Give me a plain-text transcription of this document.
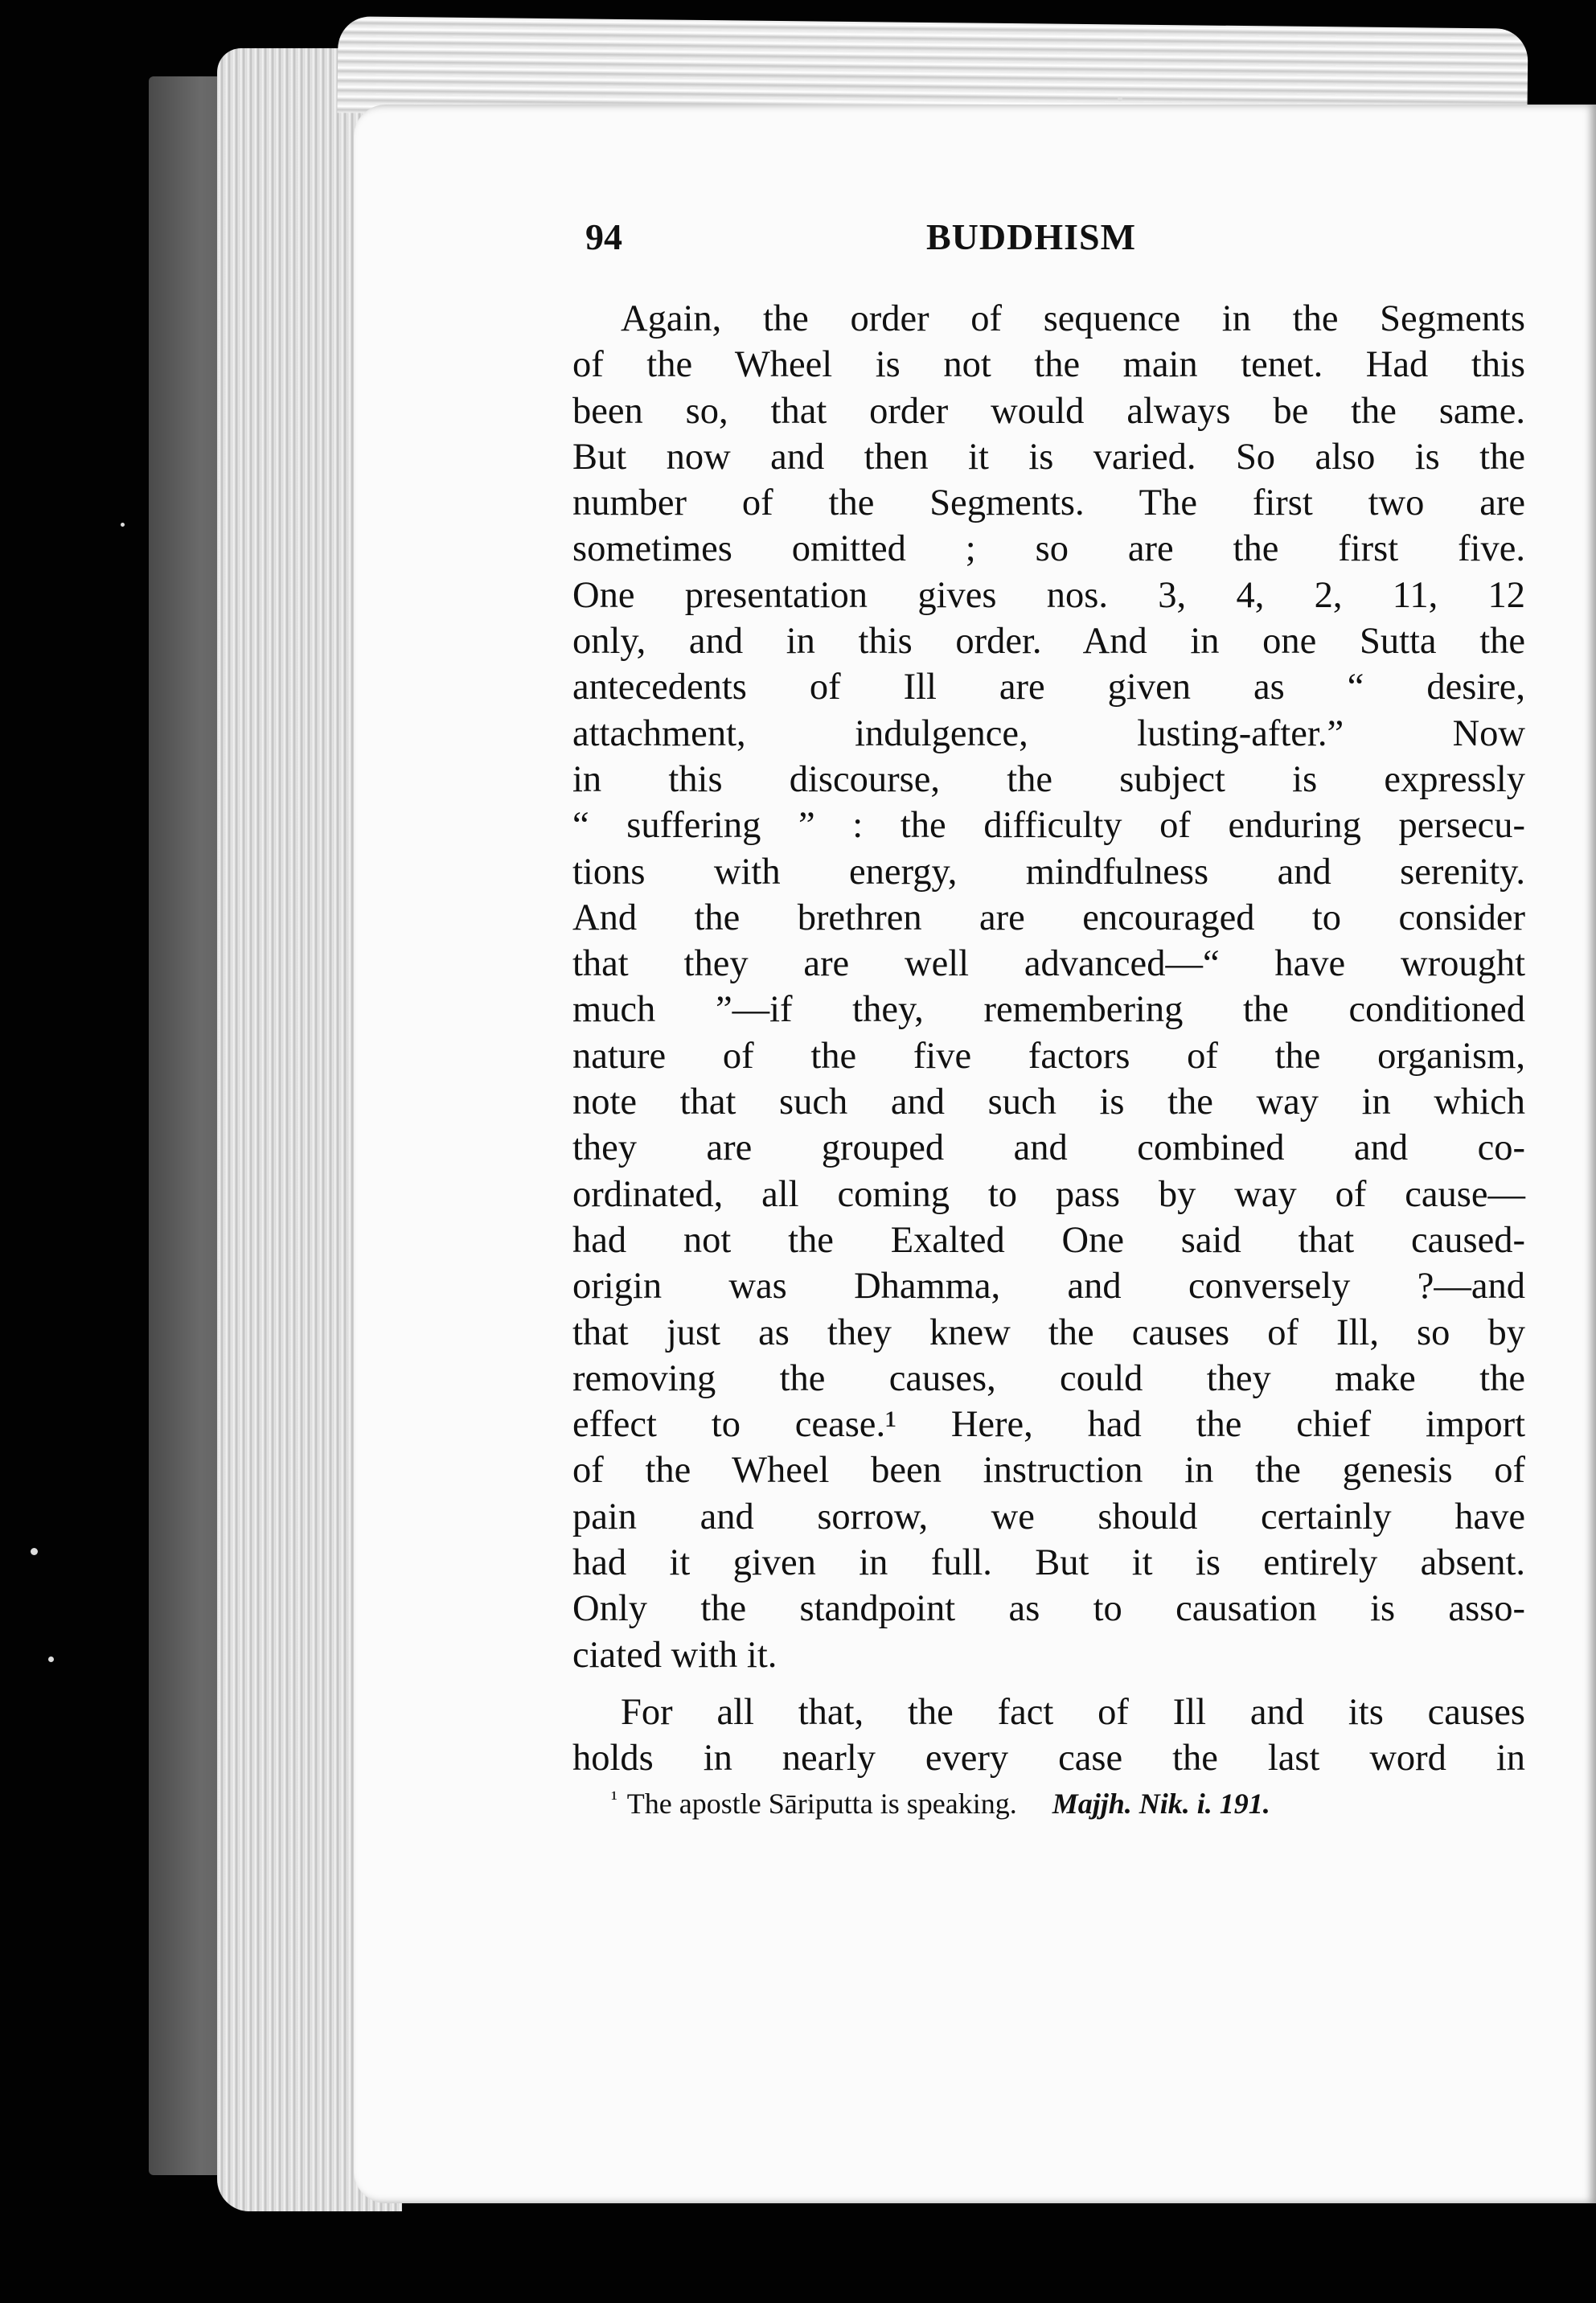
94	BUDDHISM
Again, the order of sequence in the Segments
of the Wheel is not the main tenet. Had this
been so, that order would always be the same.
But now and then it is varied. So also is the
number of the Segments. The first two are
sometimes omitted ; so are the first five.
One presentation gives nos. 3, 4, 2, 11, 12
only, and in this order. And in one Sutta the
antecedents of Ill are given as “ desire,
attachment, indulgence, lusting-after.” Now
in this discourse, the subject is expressly
“ suffering ” : the difficulty of enduring persecu-
tions with energy, mindfulness and serenity.
And the brethren are encouraged to consider
that they are well advanced—“ have wrought
much ”—if they, remembering the conditioned
nature of the five factors of the organism,
note that such and such is the way in which
they are grouped and combined and co-
ordinated, all coming to pass by way of cause—
had not the Exalted One said that caused-
origin was Dhamma, and conversely ?—and
that just as they knew the causes of Ill, so by
removing the causes, could they make the
effect to cease.¹ Here, had the chief import
of the Wheel been instruction in the genesis of
pain and sorrow, we should certainly have
had it given in full. But it is entirely absent.
Only the standpoint as to causation is asso-
ciated with it.
For all that, the fact of Ill and its causes
holds in nearly every case the last word in
$^{^1}$ The apostle Sāriputta is speaking. Majjh. Nik. i. 191.
